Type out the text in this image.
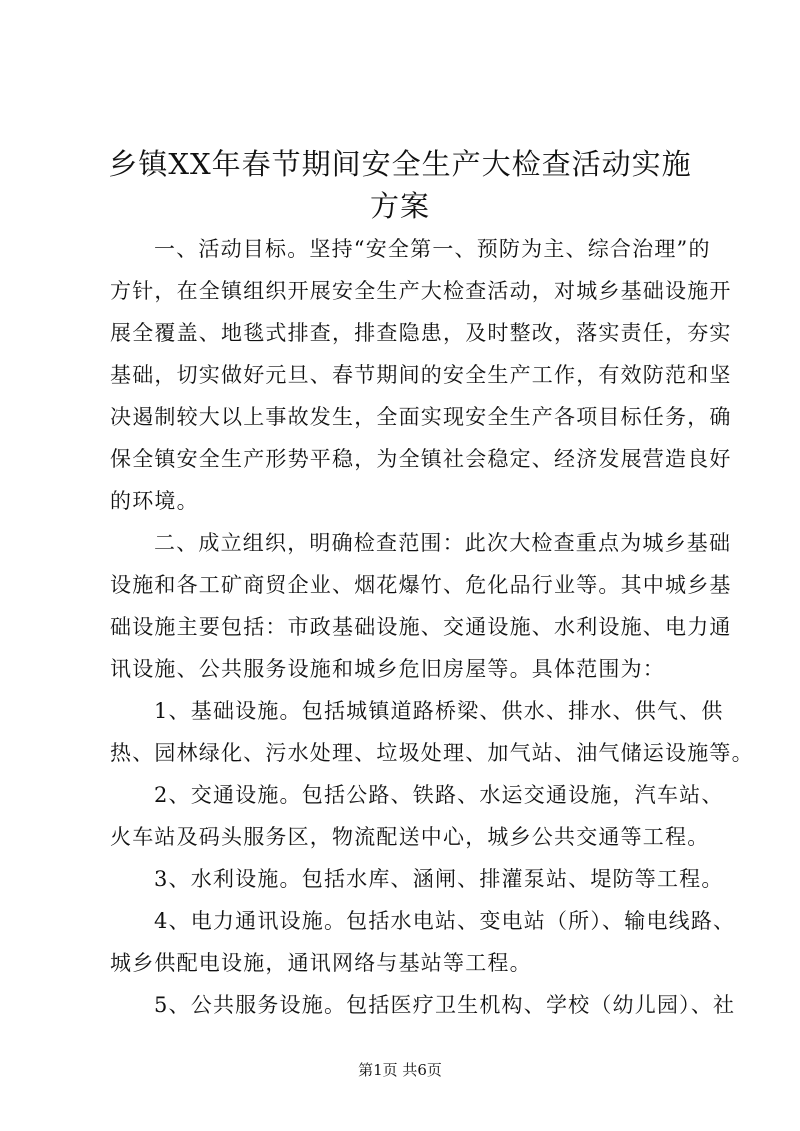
乡镇XX年春节期间安全生产大检查活动实施
方案
一、活动目标。坚持“安全第一、预防为主、综合治理”的
方针，在全镇组织开展安全生产大检查活动，对城乡基础设施开
展全覆盖、地毯式排查，排查隐患，及时整改，落实责任，夯实
基础，切实做好元旦、春节期间的安全生产工作，有效防范和坚
决遏制较大以上事故发生，全面实现安全生产各项目标任务，确
保全镇安全生产形势平稳，为全镇社会稳定、经济发展营造良好
的环境。
二、成立组织，明确检查范围：此次大检查重点为城乡基础
设施和各工矿商贸企业、烟花爆竹、危化品行业等。其中城乡基
础设施主要包括：市政基础设施、交通设施、水利设施、电力通
讯设施、公共服务设施和城乡危旧房屋等。具体范围为：
1、基础设施。包括城镇道路桥梁、供水、排水、供气、供
热、园林绿化、污水处理、垃圾处理、加气站、油气储运设施等。
2、交通设施。包括公路、铁路、水运交通设施，汽车站、
火车站及码头服务区，物流配送中心，城乡公共交通等工程。
3、水利设施。包括水库、涵闸、排灌泵站、堤防等工程。
4、电力通讯设施。包括水电站、变电站（所）、输电线路、
城乡供配电设施，通讯网络与基站等工程。
5、公共服务设施。包括医疗卫生机构、学校（幼儿园）、社
第1页 共6页
